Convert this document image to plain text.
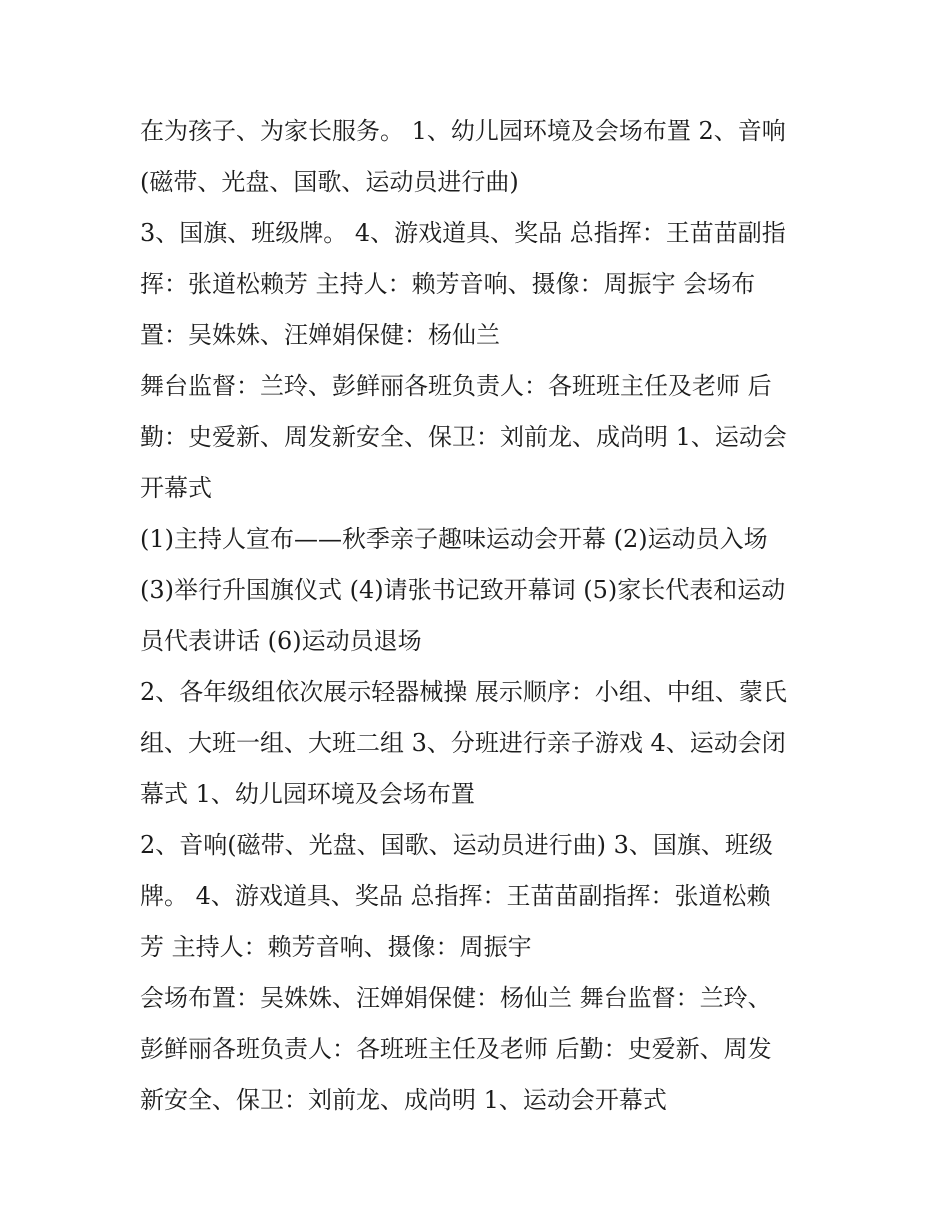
在为孩子、为家长服务。 1、幼儿园环境及会场布置 2、音响
(磁带、光盘、国歌、运动员进行曲)
3、国旗、班级牌。 4、游戏道具、奖品 总指挥：王苗苗副指
挥：张道松赖芳 主持人：赖芳音响、摄像：周振宇 会场布
置：吴姝姝、汪婵娟保健：杨仙兰
舞台监督：兰玲、彭鲜丽各班负责人：各班班主任及老师 后
勤：史爱新、周发新安全、保卫：刘前龙、成尚明 1、运动会
开幕式
(1)主持人宣布——秋季亲子趣味运动会开幕 (2)运动员入场
(3)举行升国旗仪式 (4)请张书记致开幕词 (5)家长代表和运动
员代表讲话 (6)运动员退场
2、各年级组依次展示轻器械操 展示顺序：小组、中组、蒙氏
组、大班一组、大班二组 3、分班进行亲子游戏 4、运动会闭
幕式 1、幼儿园环境及会场布置
2、音响(磁带、光盘、国歌、运动员进行曲) 3、国旗、班级
牌。 4、游戏道具、奖品 总指挥：王苗苗副指挥：张道松赖
芳 主持人：赖芳音响、摄像：周振宇
会场布置：吴姝姝、汪婵娟保健：杨仙兰 舞台监督：兰玲、
彭鲜丽各班负责人：各班班主任及老师 后勤：史爱新、周发
新安全、保卫：刘前龙、成尚明 1、运动会开幕式
